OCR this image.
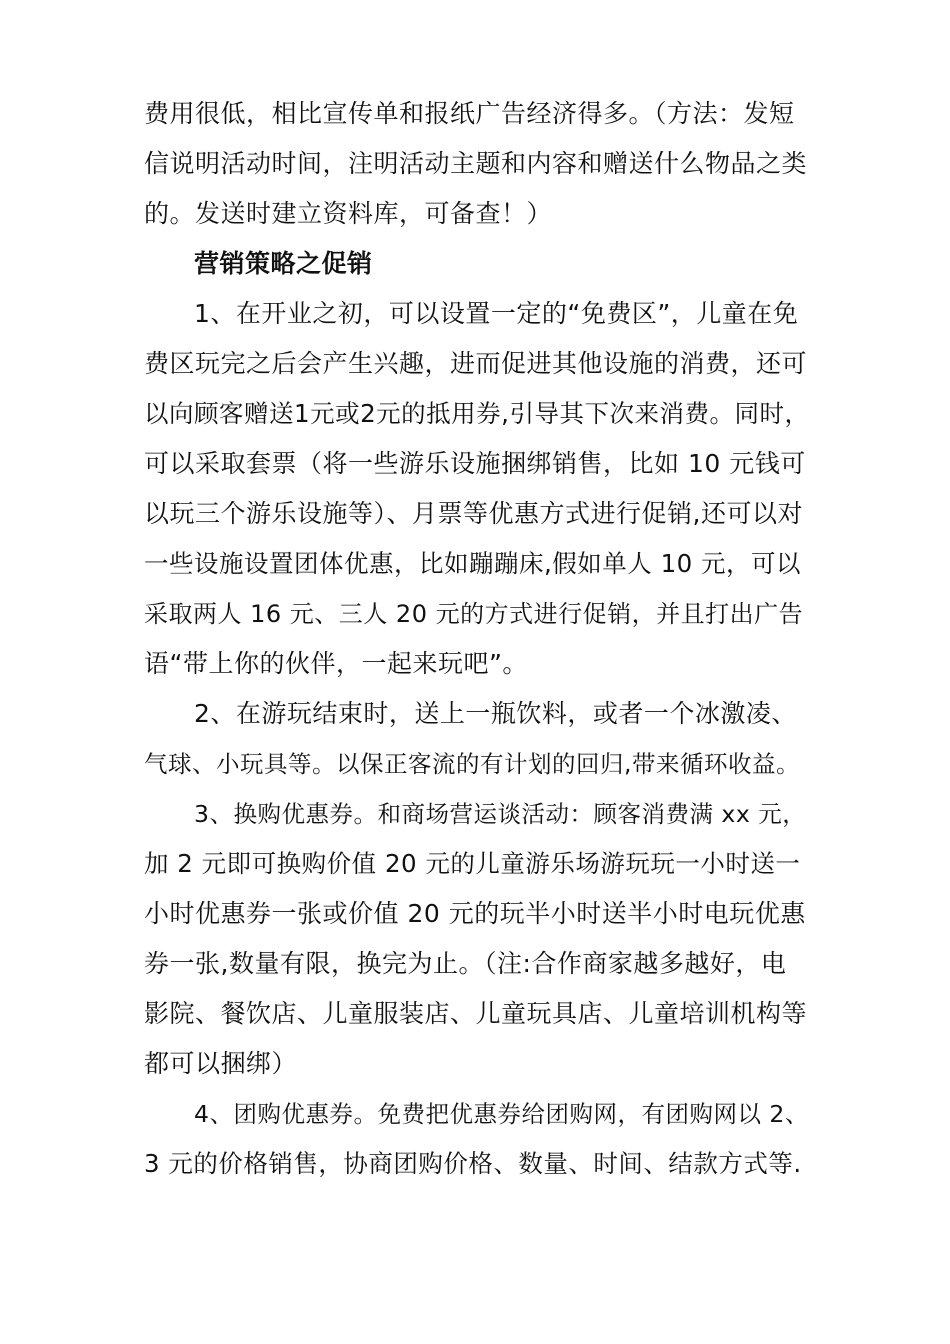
费用很低，相比宣传单和报纸广告经济得多。（方法：发短
信说明活动时间，注明活动主题和内容和赠送什么物品之类
的。发送时建立资料库，可备查！）
营销策略之促销
1、在开业之初，可以设置一定的“免费区”，儿童在免
费区玩完之后会产生兴趣，进而促进其他设施的消费，还可
以向顾客赠送1元或2元的抵用券,引导其下次来消费。同时，
可以采取套票（将一些游乐设施捆绑销售，比如 10 元钱可
以玩三个游乐设施等）、月票等优惠方式进行促销,还可以对
一些设施设置团体优惠，比如蹦蹦床,假如单人 10 元，可以
采取两人 16 元、三人 20 元的方式进行促销，并且打出广告
语“带上你的伙伴，一起来玩吧”。
2、在游玩结束时，送上一瓶饮料，或者一个冰激凌、
气球、小玩具等。以保正客流的有计划的回归,带来循环收益。
3、换购优惠券。和商场营运谈活动：顾客消费满 xx 元，
加 2 元即可换购价值 20 元的儿童游乐场游玩玩一小时送一
小时优惠券一张或价值 20 元的玩半小时送半小时电玩优惠
券一张,数量有限，换完为止。（注:合作商家越多越好，电
影院、餐饮店、儿童服装店、儿童玩具店、儿童培训机构等
都可以捆绑）
4、团购优惠券。免费把优惠券给团购网，有团购网以 2、
3 元的价格销售，协商团购价格、数量、时间、结款方式等.
